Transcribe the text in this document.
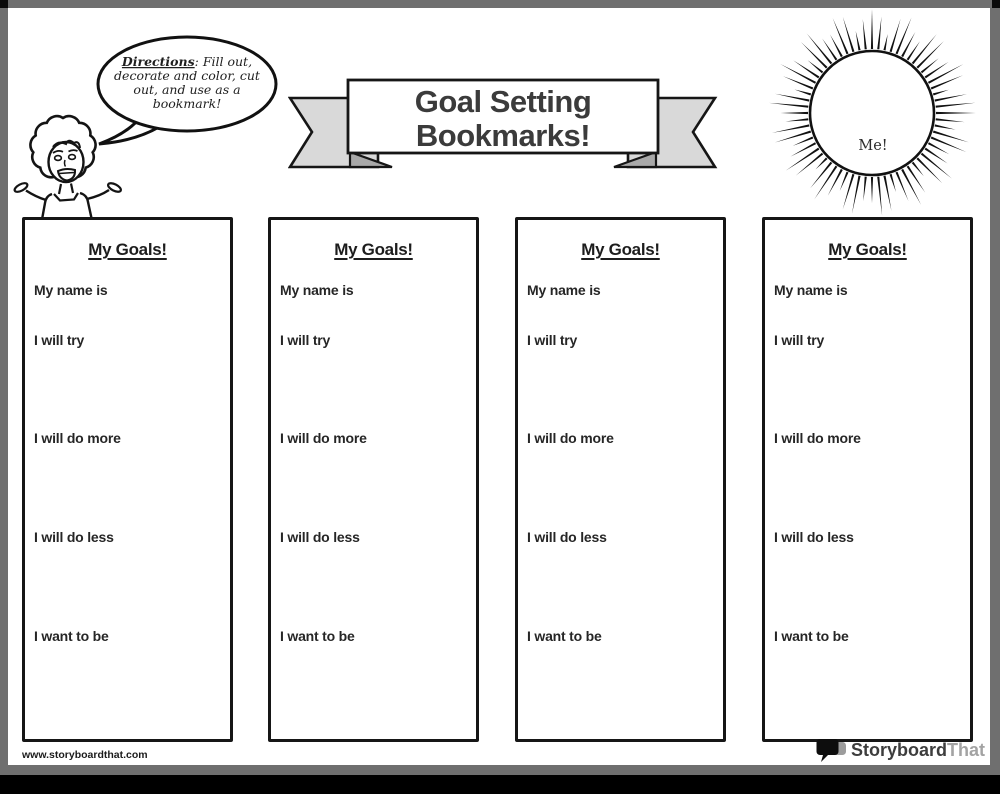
Directions: Fill out,
decorate and color, cut
out, and use as a
bookmark!	Goal Setting
Bookmarks!	Me!
My Goals!
My name is
I will try
I will do more
I will do less
I want to be
My Goals!
My name is
I will try
I will do more
I will do less
I want to be
My Goals!
My name is
I will try
I will do more
I will do less
I want to be
My Goals!
My name is
I will try
I will do more
I will do less
I want to be
www.storyboardthat.com	StoryboardThat
